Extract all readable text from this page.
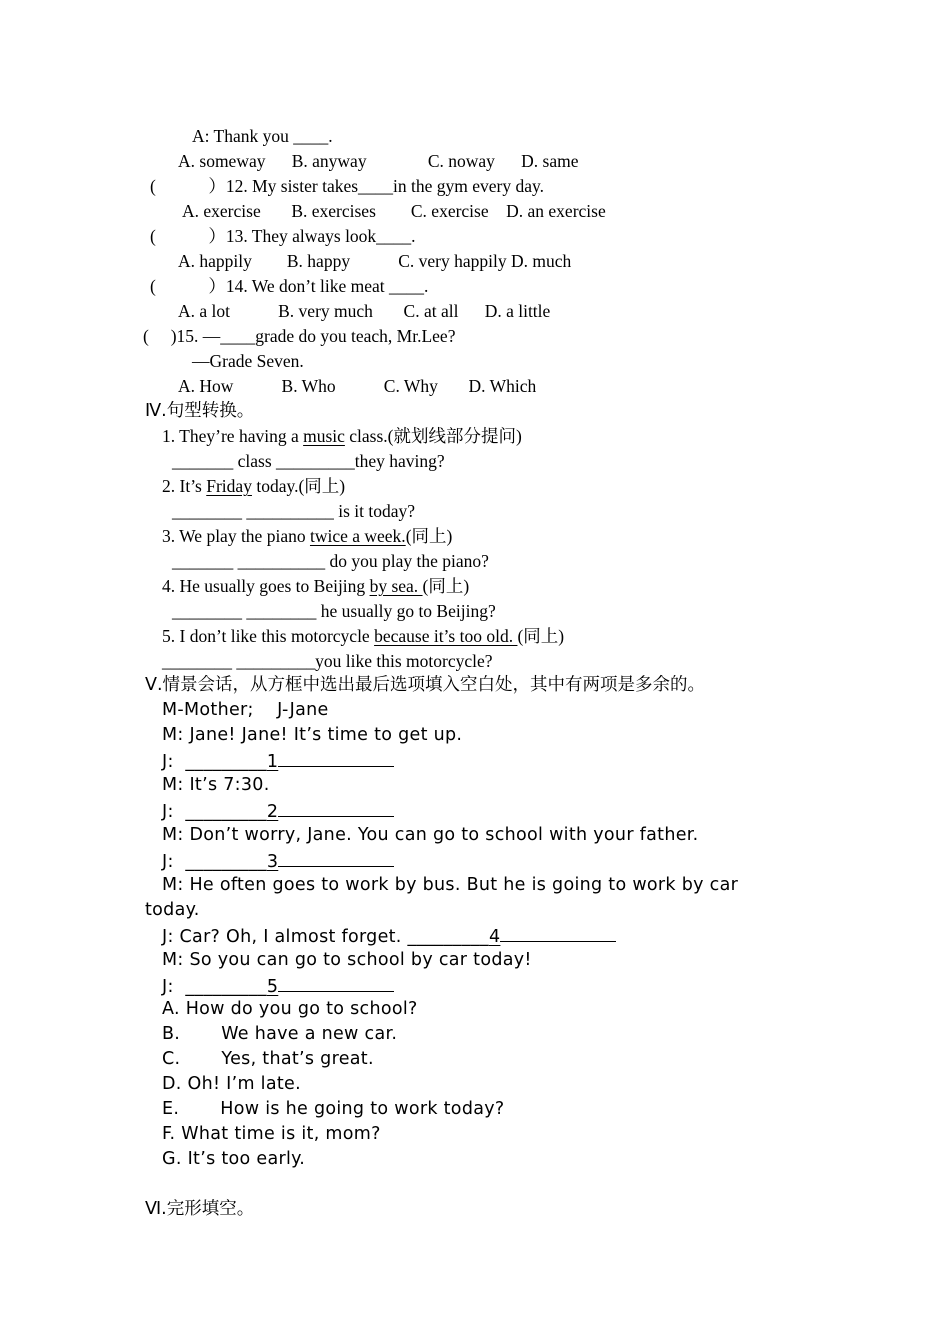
A: Thank you ____.
A. someway      B. anyway              C. noway      D. same
(            ）12. My sister takes____in the gym every day.
A. exercise       B. exercises        C. exercise    D. an exercise
(            ）13. They always look____.
A. happily        B. happy           C. very happily D. much
(            ）14. We don’t like meat ____.
A. a lot           B. very much       C. at all      D. a little
(     )15. —____grade do you teach, Mr.Lee?
—Grade Seven.
A. How           B. Who           C. Why       D. Which
Ⅳ.句型转换。
1. They’re having a music class.(就划线部分提问)
_______ class _________they having?
2. It’s Friday today.(同上)
________ __________ is it today?
3. We play the piano twice a week.(同上)
_______ __________ do you play the piano?
4. He usually goes to Beijing by sea. (同上)
________ ________ he usually go to Beijing?
5. I don’t like this motorcycle because it’s too old. (同上)
________ _________you like this motorcycle?
Ⅴ.情景会话，从方框中选出最后选项填入空白处，其中有两项是多余的。
M-Mother;    J-Jane
M: Jane! Jane! It’s time to get up.
J:  _________1
M: It’s 7:30.
J:  _________2
M: Don’t worry, Jane. You can go to school with your father.
J:  _________3
M: He often goes to work by bus. But he is going to work by car
today.
J: Car? Oh, I almost forget. _________4
M: So you can go to school by car today!
J:  _________5
A. How do you go to school?
B.       We have a new car.
C.       Yes, that’s great.
D. Oh! I’m late.
E.       How is he going to work today?
F. What time is it, mom?
G. It’s too early.
Ⅵ.完形填空。
